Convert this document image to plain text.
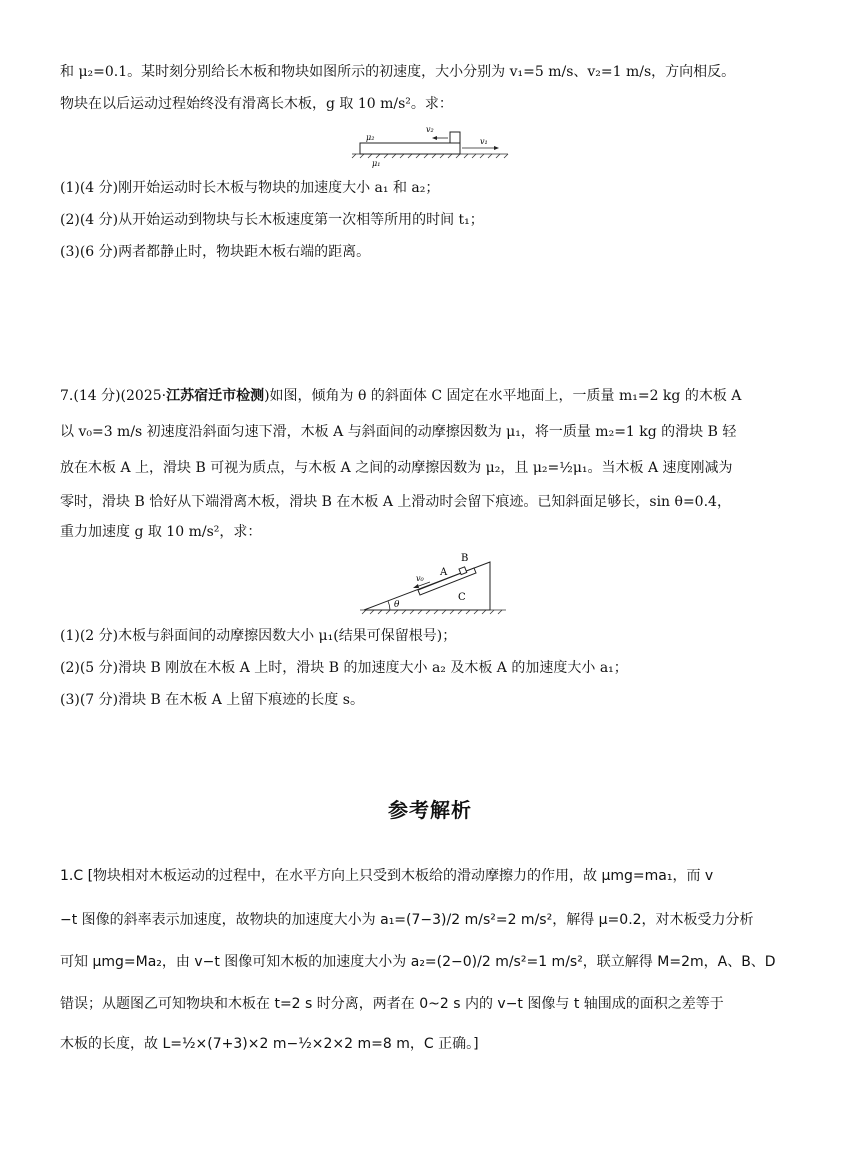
和 μ₂=0.1。某时刻分别给长木板和物块如图所示的初速度，大小分别为 v₁=5 m/s、v₂=1 m/s，方向相反。
物块在以后运动过程始终没有滑离长木板，g 取 10 m/s²。求：
μ₂
μ₁
v₂
v₁
(1)(4 分)刚开始运动时长木板与物块的加速度大小 a₁ 和 a₂；
(2)(4 分)从开始运动到物块与长木板速度第一次相等所用的时间 t₁；
(3)(6 分)两者都静止时，物块距木板右端的距离。
7.(14 分)(2025·江苏宿迁市检测)如图，倾角为 θ 的斜面体 C 固定在水平地面上，一质量 m₁=2 kg 的木板 A
以 v₀=3 m/s 初速度沿斜面匀速下滑，木板 A 与斜面间的动摩擦因数为 μ₁，将一质量 m₂=1 kg 的滑块 B 轻
放在木板 A 上，滑块 B 可视为质点，与木板 A 之间的动摩擦因数为 μ₂，且 μ₂=½μ₁。当木板 A 速度刚减为
零时，滑块 B 恰好从下端滑离木板，滑块 B 在木板 A 上滑动时会留下痕迹。已知斜面足够长，sin θ=0.4，
重力加速度 g 取 10 m/s²，求：
B
A
C
v₀
θ
(1)(2 分)木板与斜面间的动摩擦因数大小 μ₁(结果可保留根号)；
(2)(5 分)滑块 B 刚放在木板 A 上时，滑块 B 的加速度大小 a₂ 及木板 A 的加速度大小 a₁；
(3)(7 分)滑块 B 在木板 A 上留下痕迹的长度 s。
参考解析
1.C [物块相对木板运动的过程中，在水平方向上只受到木板给的滑动摩擦力的作用，故 μmg=ma₁，而 v
−t 图像的斜率表示加速度，故物块的加速度大小为 a₁=(7−3)/2 m/s²=2 m/s²，解得 μ=0.2，对木板受力分析
可知 μmg=Ma₂，由 v−t 图像可知木板的加速度大小为 a₂=(2−0)/2 m/s²=1 m/s²，联立解得 M=2m，A、B、D
错误；从题图乙可知物块和木板在 t=2 s 时分离，两者在 0~2 s 内的 v−t 图像与 t 轴围成的面积之差等于
木板的长度，故 L=½×(7+3)×2 m−½×2×2 m=8 m，C 正确。]
